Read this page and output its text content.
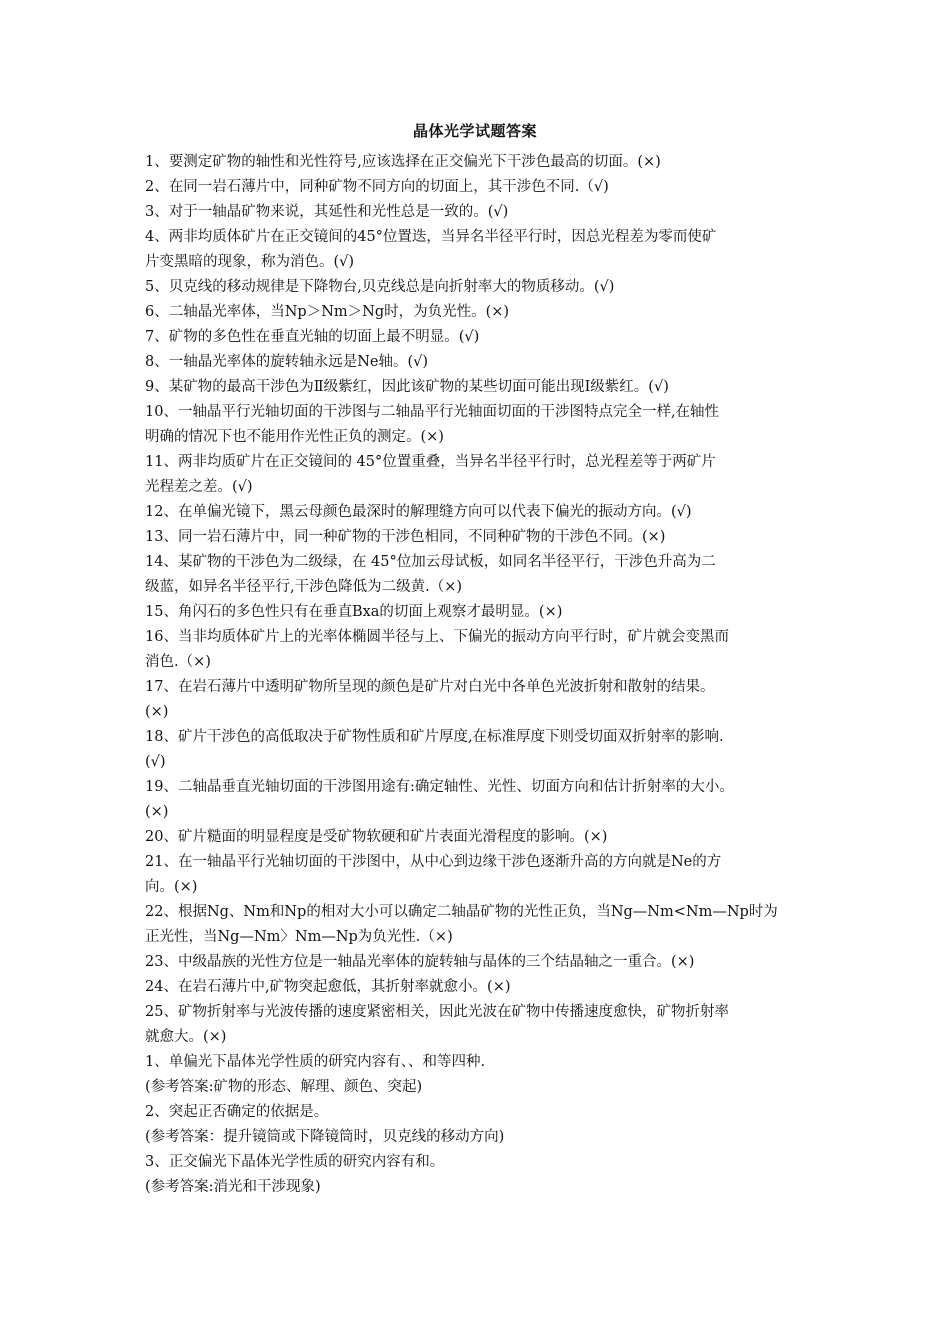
晶体光学试题答案
1、要测定矿物的轴性和光性符号,应该选择在正交偏光下干涉色最高的切面。(×)
2、在同一岩石薄片中，同种矿物不同方向的切面上，其干涉色不同.（√)
3、对于一轴晶矿物来说，其延性和光性总是一致的。(√)
4、两非均质体矿片在正交镜间的45°位置迭，当异名半径平行时，因总光程差为零而使矿
片变黑暗的现象，称为消色。(√)
5、贝克线的移动规律是下降物台,贝克线总是向折射率大的物质移动。(√)
6、二轴晶光率体，当Np＞Nm＞Ng时，为负光性。(×)
7、矿物的多色性在垂直光轴的切面上最不明显。(√)
8、一轴晶光率体的旋转轴永远是Ne轴。(√)
9、某矿物的最高干涉色为Ⅱ级紫红，因此该矿物的某些切面可能出现Ⅰ级紫红。(√)
10、一轴晶平行光轴切面的干涉图与二轴晶平行光轴面切面的干涉图特点完全一样,在轴性
明确的情况下也不能用作光性正负的测定。(×)
11、两非均质矿片在正交镜间的 45°位置重叠，当异名半径平行时，总光程差等于两矿片
光程差之差。(√)
12、在单偏光镜下，黑云母颜色最深时的解理缝方向可以代表下偏光的振动方向。(√)
13、同一岩石薄片中，同一种矿物的干涉色相同，不同种矿物的干涉色不同。(×)
14、某矿物的干涉色为二级绿，在 45°位加云母试板，如同名半径平行，干涉色升高为二
级蓝，如异名半径平行,干涉色降低为二级黄.（×)
15、角闪石的多色性只有在垂直Bxa的切面上观察才最明显。(×)
16、当非均质体矿片上的光率体椭圆半径与上、下偏光的振动方向平行时，矿片就会变黑而
消色.（×)
17、在岩石薄片中透明矿物所呈现的颜色是矿片对白光中各单色光波折射和散射的结果。
(×)
18、矿片干涉色的高低取决于矿物性质和矿片厚度,在标准厚度下则受切面双折射率的影响.
(√)
19、二轴晶垂直光轴切面的干涉图用途有:确定轴性、光性、切面方向和估计折射率的大小。
(×)
20、矿片糙面的明显程度是受矿物软硬和矿片表面光滑程度的影响。(×)
21、在一轴晶平行光轴切面的干涉图中，从中心到边缘干涉色逐渐升高的方向就是Ne的方
向。(×)
22、根据Ng、Nm和Np的相对大小可以确定二轴晶矿物的光性正负，当Ng—Nm<Nm—Np时为
正光性，当Ng—Nm〉Nm—Np为负光性.（×)
23、中级晶族的光性方位是一轴晶光率体的旋转轴与晶体的三个结晶轴之一重合。(×)
24、在岩石薄片中,矿物突起愈低，其折射率就愈小。(×)
25、矿物折射率与光波传播的速度紧密相关，因此光波在矿物中传播速度愈快，矿物折射率
就愈大。(×)
1、单偏光下晶体光学性质的研究内容有、、和等四种.
(参考答案:矿物的形态、解理、颜色、突起)
2、突起正否确定的依据是。
(参考答案：提升镜筒或下降镜筒时，贝克线的移动方向)
3、正交偏光下晶体光学性质的研究内容有和。
(参考答案:消光和干涉现象)
